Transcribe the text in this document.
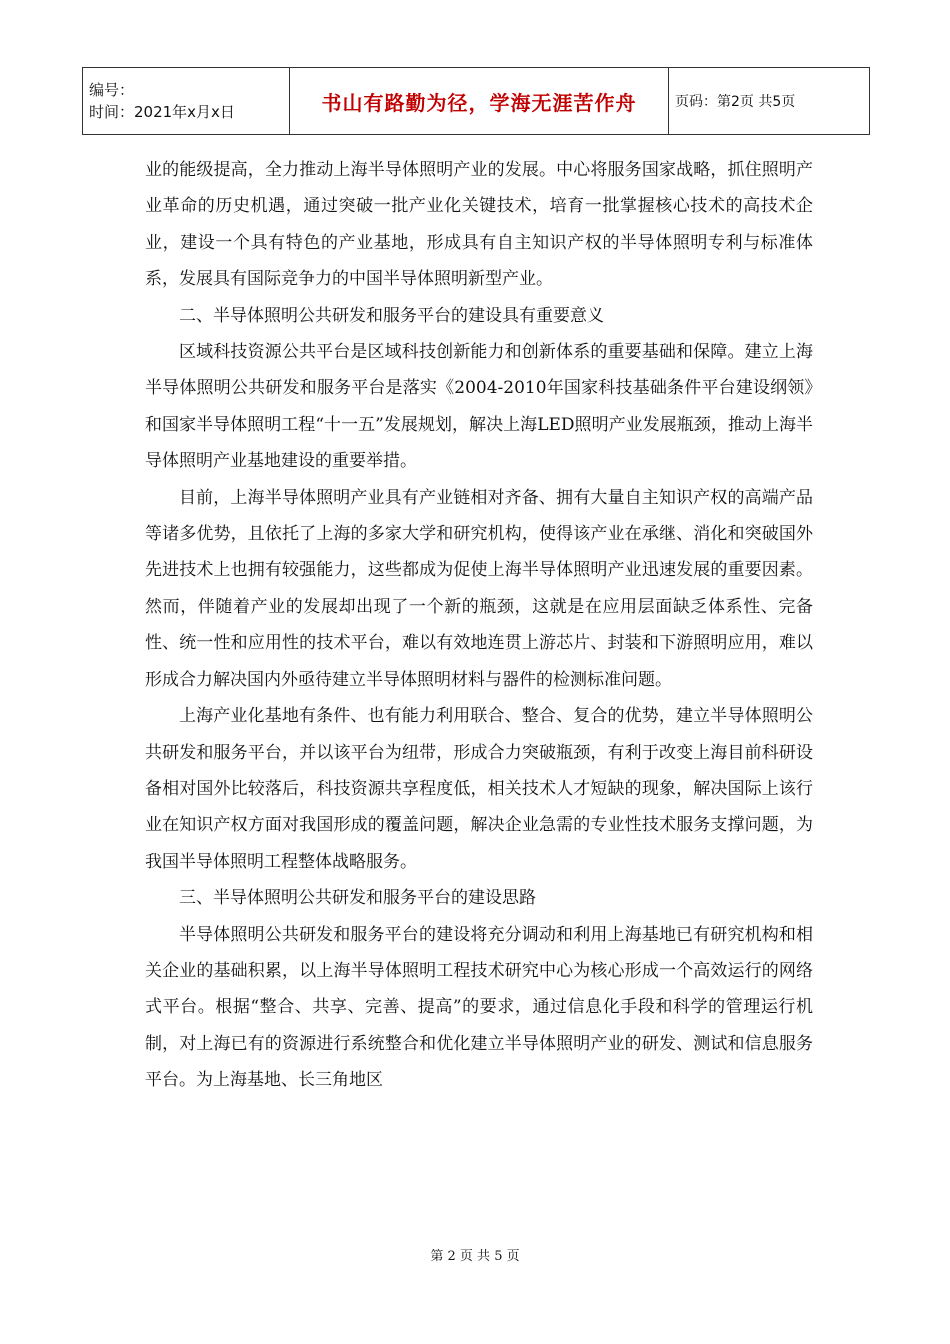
编号：
时间：2021年x月x日	书山有路勤为径，学海无涯苦作舟	页码：第2页 共5页

业的能级提高，全力推动上海半导体照明产业的发展。中心将服务国家战略，抓住照明产业革命的历史机遇，通过突破一批产业化关键技术，培育一批掌握核心技术的高技术企业，建设一个具有特色的产业基地，形成具有自主知识产权的半导体照明专利与标准体系，发展具有国际竞争力的中国半导体照明新型产业。

二、半导体照明公共研发和服务平台的建设具有重要意义

区域科技资源公共平台是区域科技创新能力和创新体系的重要基础和保障。建立上海半导体照明公共研发和服务平台是落实《2004-2010年国家科技基础条件平台建设纲领》和国家半导体照明工程“十一五”发展规划，解决上海LED照明产业发展瓶颈，推动上海半导体照明产业基地建设的重要举措。

目前，上海半导体照明产业具有产业链相对齐备、拥有大量自主知识产权的高端产品等诸多优势，且依托了上海的多家大学和研究机构，使得该产业在承继、消化和突破国外先进技术上也拥有较强能力，这些都成为促使上海半导体照明产业迅速发展的重要因素。然而，伴随着产业的发展却出现了一个新的瓶颈，这就是在应用层面缺乏体系性、完备性、统一性和应用性的技术平台，难以有效地连贯上游芯片、封装和下游照明应用，难以形成合力解决国内外亟待建立半导体照明材料与器件的检测标准问题。

上海产业化基地有条件、也有能力利用联合、整合、复合的优势，建立半导体照明公共研发和服务平台，并以该平台为纽带，形成合力突破瓶颈，有利于改变上海目前科研设备相对国外比较落后，科技资源共享程度低，相关技术人才短缺的现象，解决国际上该行业在知识产权方面对我国形成的覆盖问题，解决企业急需的专业性技术服务支撑问题，为我国半导体照明工程整体战略服务。

三、半导体照明公共研发和服务平台的建设思路

半导体照明公共研发和服务平台的建设将充分调动和利用上海基地已有研究机构和相关企业的基础积累，以上海半导体照明工程技术研究中心为核心形成一个高效运行的网络式平台。根据“整合、共享、完善、提高”的要求，通过信息化手段和科学的管理运行机制，对上海已有的资源进行系统整合和优化建立半导体照明产业的研发、测试和信息服务平台。为上海基地、长三角地区

第 2 页 共 5 页
